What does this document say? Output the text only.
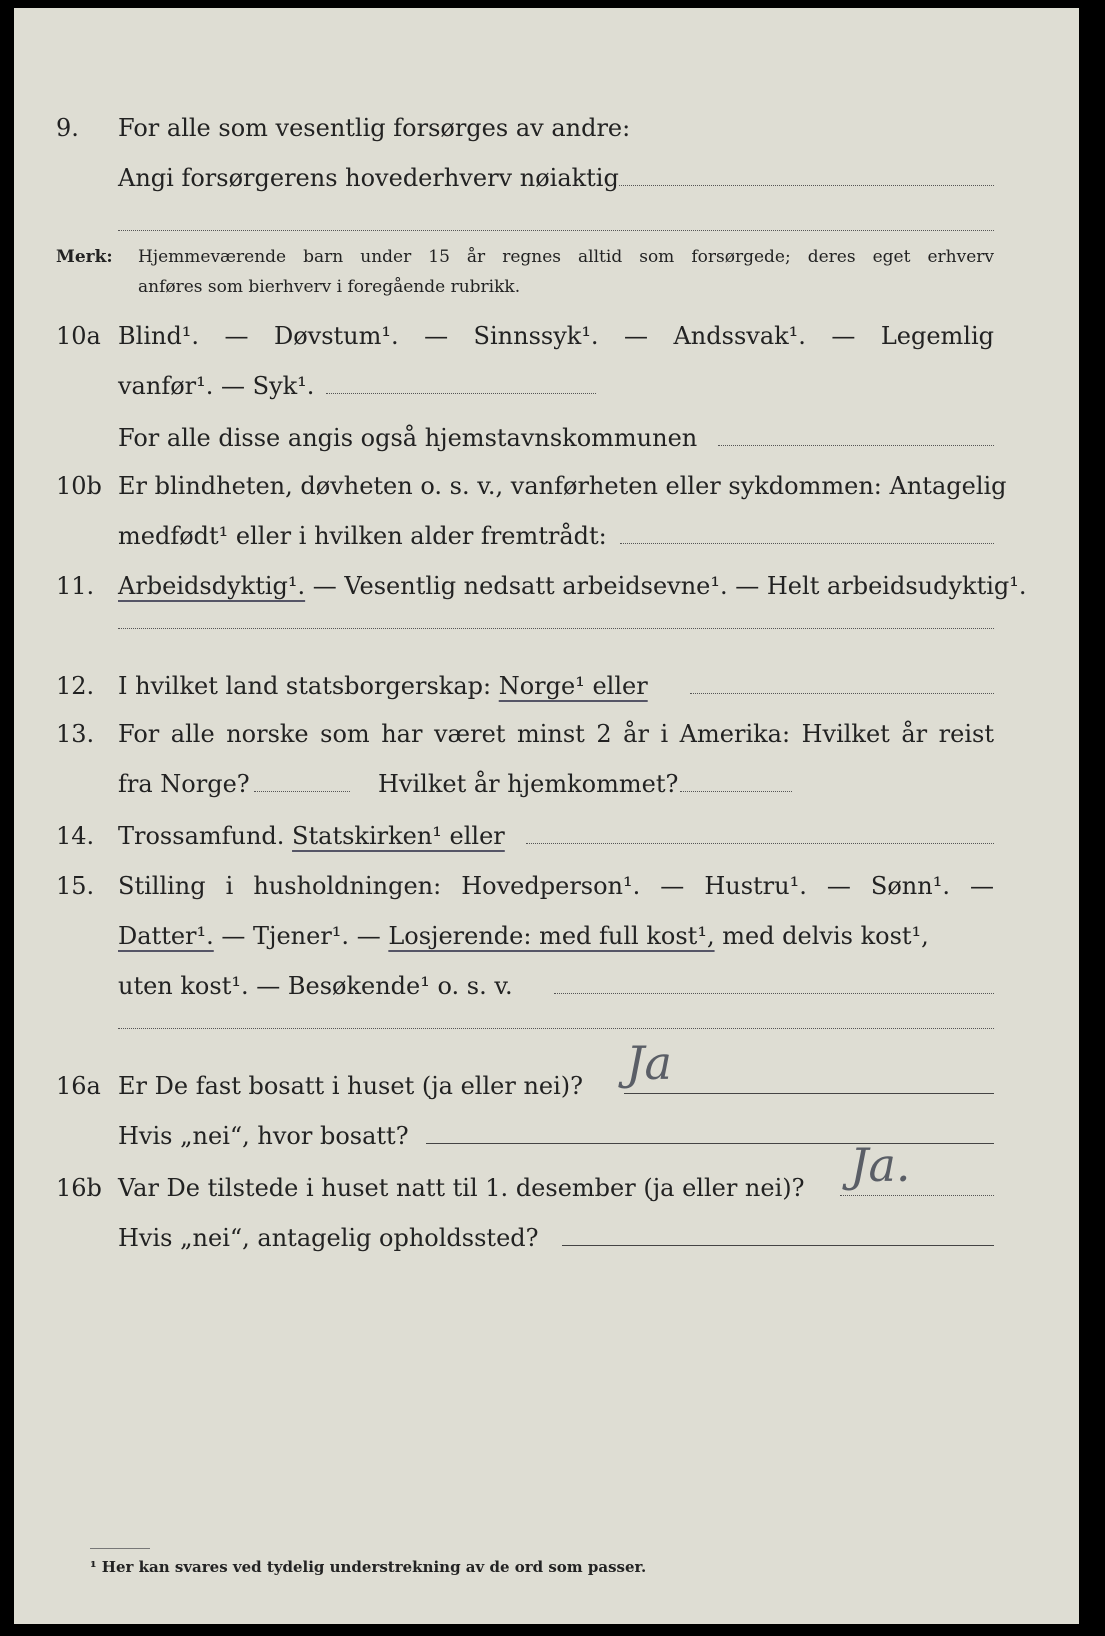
9. For alle som vesentlig forsørges av andre:
Angi forsørgerens hovederhverv nøiaktig
Merk: Hjemmeværende barn under 15 år regnes alltid som forsørgede; deres eget erhverv
anføres som bierhverv i foregående rubrikk.
10a Blind¹. — Døvstum¹. — Sinnssyk¹. — Andssvak¹. — Legemlig
vanfør¹. — Syk¹.
For alle disse angis også hjemstavnskommunen
10b Er blindheten, døvheten o. s. v., vanførheten eller sykdommen: Antagelig
medfødt¹ eller i hvilken alder fremtrådt:
11. Arbeidsdyktig¹. — Vesentlig nedsatt arbeidsevne¹. — Helt arbeidsudyktig¹.
12. I hvilket land statsborgerskap: Norge¹ eller
13. For alle norske som har været minst 2 år i Amerika: Hvilket år reist
fra Norge?	Hvilket år hjemkommet?
14. Trossamfund. Statskirken¹ eller
15. Stilling i husholdningen: Hovedperson¹. — Hustru¹. — Sønn¹. —
Datter¹. — Tjener¹. — Losjerende: med full kost¹, med delvis kost¹,
uten kost¹. — Besøkende¹ o. s. v.
16a Er De fast bosatt i huset (ja eller nei)? Ja
Hvis „nei“, hvor bosatt?
16b Var De tilstede i huset natt til 1. desember (ja eller nei)? Ja.
Hvis „nei“, antagelig opholdssted?
¹ Her kan svares ved tydelig understrekning av de ord som passer.
